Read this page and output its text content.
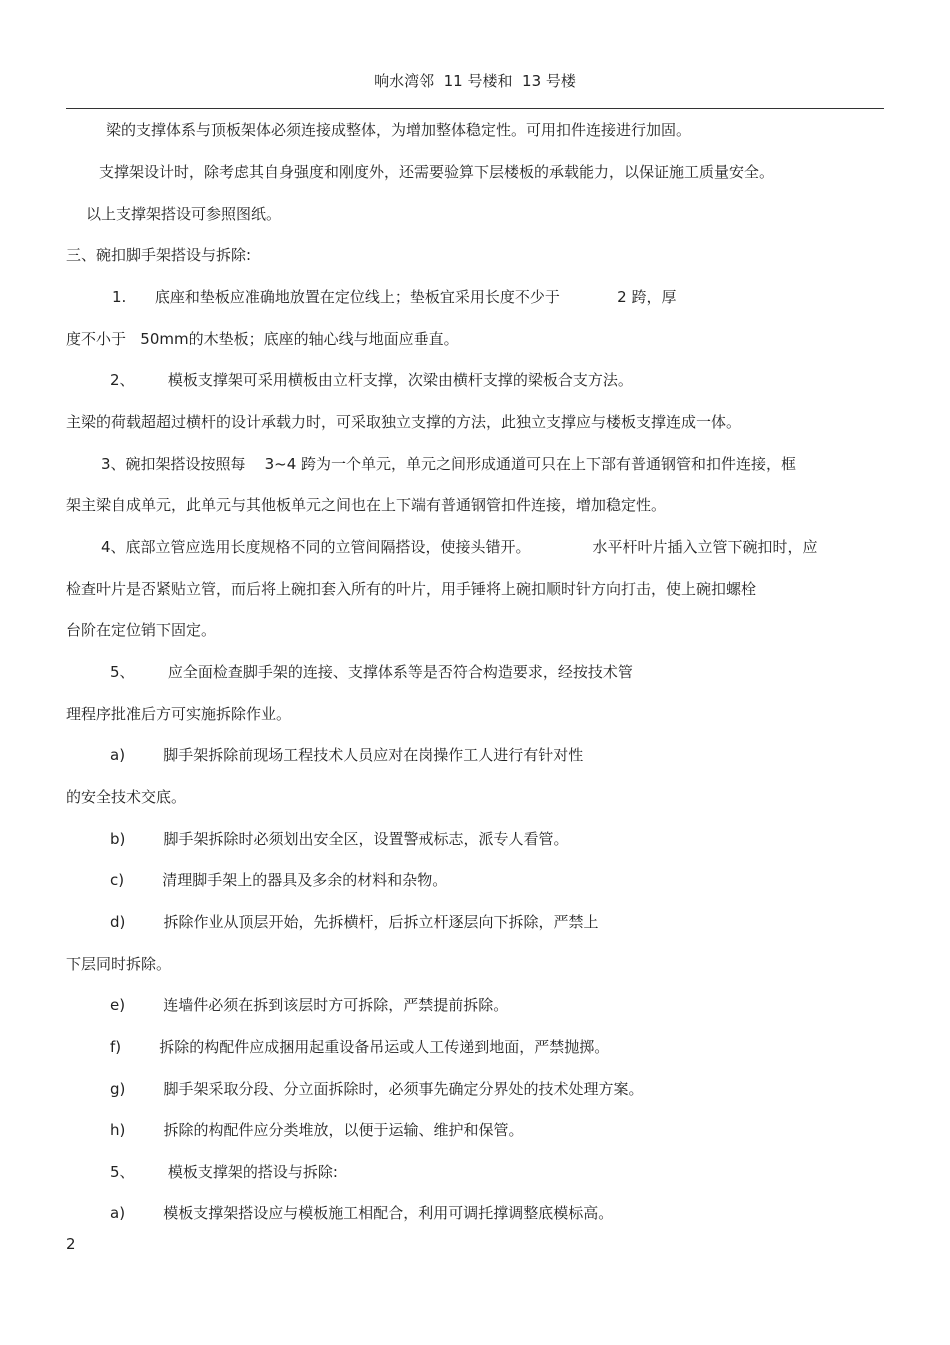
响水湾邻  11 号楼和  13 号楼
梁的支撑体系与顶板架体必须连接成整体，为增加整体稳定性。可用扣件连接进行加固。
支撑架设计时，除考虑其自身强度和刚度外，还需要验算下层楼板的承载能力，以保证施工质量安全。
以上支撑架搭设可参照图纸。
三、碗扣脚手架搭设与拆除:
1.      底座和垫板应准确地放置在定位线上；垫板宜采用长度不少于            2 跨，厚
度不小于   50mm的木垫板；底座的轴心线与地面应垂直。
2、       模板支撑架可采用横板由立杆支撑，次梁由横杆支撑的梁板合支方法。
主梁的荷载超超过横杆的设计承载力时，可采取独立支撑的方法，此独立支撑应与楼板支撑连成一体。
3、碗扣架搭设按照每    3~4 跨为一个单元，单元之间形成通道可只在上下部有普通钢管和扣件连接，框
架主梁自成单元，此单元与其他板单元之间也在上下端有普通钢管扣件连接，增加稳定性。
4、底部立管应选用长度规格不同的立管间隔搭设，使接头错开。             水平杆叶片插入立管下碗扣时，应
检查叶片是否紧贴立管，而后将上碗扣套入所有的叶片，用手锤将上碗扣顺时针方向打击，使上碗扣螺栓
台阶在定位销下固定。
5、       应全面检查脚手架的连接、支撑体系等是否符合构造要求，经按技术管
理程序批准后方可实施拆除作业。
a)        脚手架拆除前现场工程技术人员应对在岗操作工人进行有针对性
的安全技术交底。
b)        脚手架拆除时必须划出安全区，设置警戒标志，派专人看管。
c)        清理脚手架上的器具及多余的材料和杂物。
d)        拆除作业从顶层开始，先拆横杆，后拆立杆逐层向下拆除，严禁上
下层同时拆除。
e)        连墙件必须在拆到该层时方可拆除，严禁提前拆除。
f)        拆除的构配件应成捆用起重设备吊运或人工传递到地面，严禁抛掷。
g)        脚手架采取分段、分立面拆除时，必须事先确定分界处的技术处理方案。
h)        拆除的构配件应分类堆放，以便于运输、维护和保管。
5、       模板支撑架的搭设与拆除:
a)        模板支撑架搭设应与模板施工相配合，利用可调托撑调整底模标高。
2
